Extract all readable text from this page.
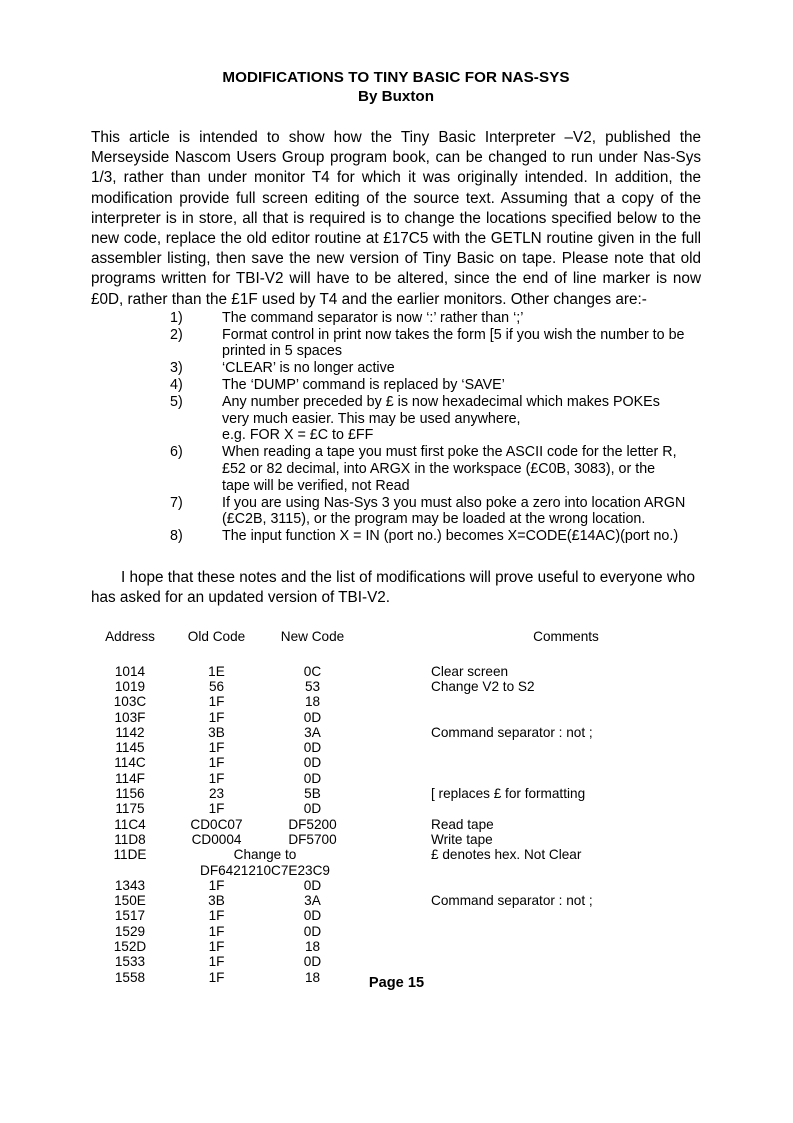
MODIFICATIONS TO TINY BASIC FOR NAS-SYS
By Buxton

This article is intended to show how the Tiny Basic Interpreter –V2, published the Merseyside Nascom Users Group program book, can be changed to run under Nas-Sys 1/3, rather than under monitor T4 for which it was originally intended. In addition, the modification provide full screen editing of the source text. Assuming that a copy of the interpreter is in store, all that is required is to change the locations specified below to the new code, replace the old editor routine at £17C5 with the GETLN routine given in the full assembler listing, then save the new version of Tiny Basic on tape. Please note that old programs written for TBI-V2 will have to be altered, since the end of line marker is now £0D, rather than the £1F used by T4 and the earlier monitors. Other changes are:-

1)	The command separator is now ‘:’ rather than ‘;’
2)	Format control in print now takes the form [5 if you wish the number to be
printed in 5 spaces
3)	‘CLEAR’ is no longer active
4)	The ‘DUMP’ command is replaced by ‘SAVE’
5)	Any number preceded by £ is now hexadecimal which makes POKEs
very much easier. This may be used anywhere,
e.g. FOR X = £C to £FF
6)	When reading a tape you must first poke the ASCII code for the letter R,
£52 or 82 decimal, into ARGX in the workspace (£C0B, 3083), or the
tape will be verified, not Read
7)	If you are using Nas-Sys 3 you must also poke a zero into location ARGN
(£C2B, 3115), or the program may be loaded at the wrong location.
8)	The input function X = IN (port no.) becomes X=CODE(£14AC)(port no.)

I hope that these notes and the list of modifications will prove useful to everyone who has asked for an updated version of TBI-V2.

Address	Old Code	New Code		Comments

1014	1E	0C		Clear screen
1019	56	53		Change V2 to S2
103C	1F	18		
103F	1F	0D		
1142	3B	3A		Command separator : not ;
1145	1F	0D		
114C	1F	0D		
114F	1F	0D		
1156	23	5B		[ replaces £ for formatting
1175	1F	0D		
11C4	CD0C07	DF5200		Read tape
11D8	CD0004	DF5700		Write tape
11DE	Change to DF6421210C7E23C9			£ denotes hex. Not Clear
1343	1F	0D		
150E	3B	3A		Command separator : not ;
1517	1F	0D		
1529	1F	0D		
152D	1F	18		
1533	1F	0D		
1558	1F	18			Page 15
